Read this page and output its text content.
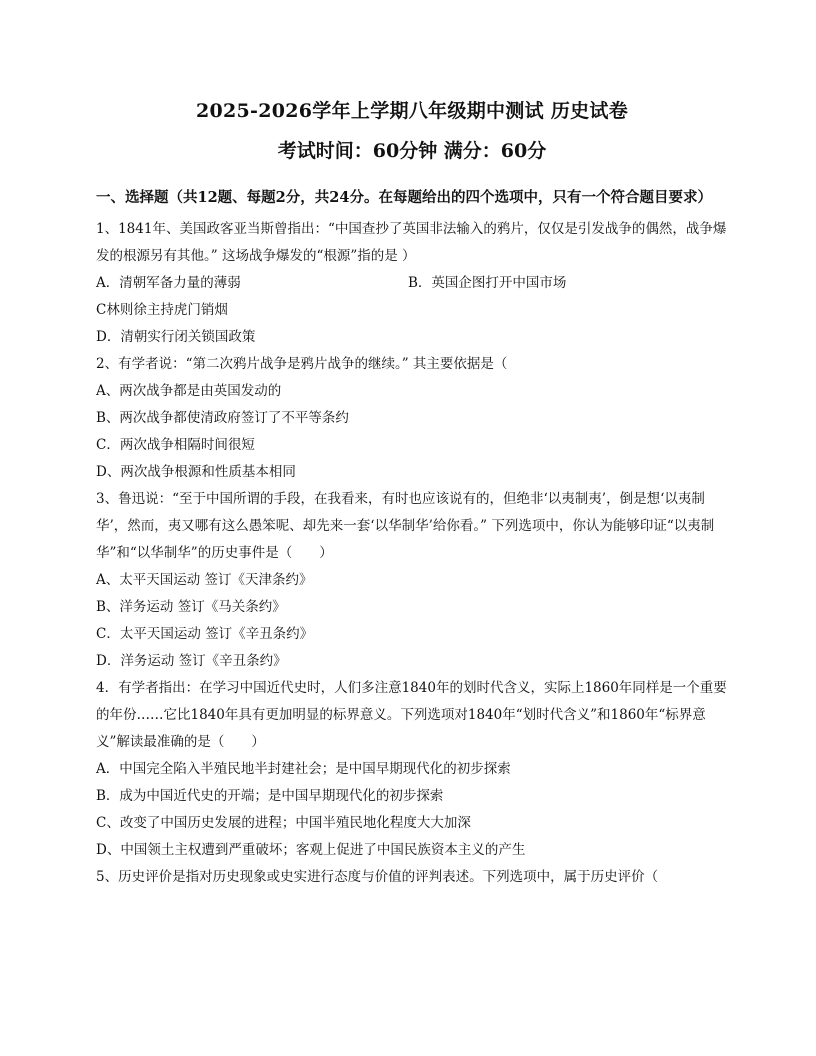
2025-2026学年上学期八年级期中测试 历史试卷
考试时间：60分钟 满分：60分
一、选择题（共12题、每题2分，共24分。在每题给出的四个选项中，只有一个符合题目要求）

1、1841年、美国政客亚当斯曾指出：“中国查抄了英国非法输入的鸦片，仅仅是引发战争的偶然，战争爆发的根源另有其他。” 这场战争爆发的“根源”指的是 ）

A．清朝军备力量的薄弱	B．英国企图打开中国市场

C林则徐主持虎门销烟

D．清朝实行闭关锁国政策

2、有学者说：“第二次鸦片战争是鸦片战争的继续。” 其主要依据是（

A、两次战争都是由英国发动的

B、两次战争都使清政府签订了不平等条约

C．两次战争相隔时间很短

D、两次战争根源和性质基本相同

3、鲁迅说：“至于中国所谓的手段，在我看来，有时也应该说有的，但绝非‘以夷制夷’，倒是想‘以夷制华’，然而，夷又哪有这么愚笨呢、却先来一套‘以华制华’给你看。” 下列选项中，你认为能够印证“以夷制华”和“以华制华”的历史事件是（　　）

A、太平天国运动 签订《天津条约》

B、洋务运动 签订《马关条约》

C．太平天国运动 签订《辛丑条约》

D．洋务运动 签订《辛丑条约》

4．有学者指出：在学习中国近代史时，人们多注意1840年的划时代含义，实际上1860年同样是一个重要的年份……它比1840年具有更加明显的标界意义。下列选项对1840年“划时代含义”和1860年“标界意义”解读最准确的是（　　）

A．中国完全陷入半殖民地半封建社会；是中国早期现代化的初步探索

B．成为中国近代史的开端；是中国早期现代化的初步探索

C、改变了中国历史发展的进程；中国半殖民地化程度大大加深

D、中国领土主权遭到严重破坏；客观上促进了中国民族资本主义的产生

5、历史评价是指对历史现象或史实进行态度与价值的评判表述。下列选项中，属于历史评价（
